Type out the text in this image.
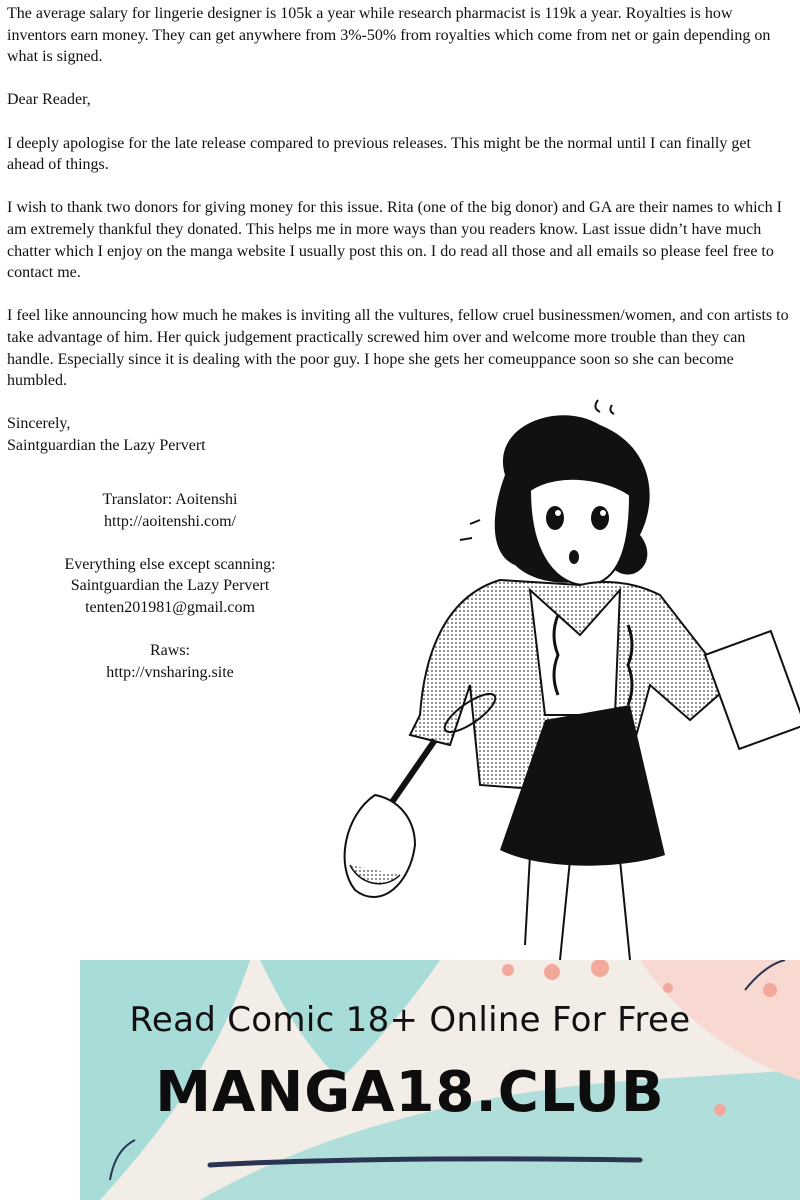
The average salary for lingerie designer is 105k a year while research pharmacist is 119k a year. Royalties is how inventors earn money. They can get anywhere from 3%-50% from royalties which come from net or gain depending on what is signed.

Dear Reader,

I deeply apologise for the late release compared to previous releases. This might be the normal until I can finally get ahead of things.

I wish to thank two donors for giving money for this issue. Rita (one of the big donor) and GA are their names to which I am extremely thankful they donated. This helps me in more ways than you readers know. Last issue didn’t have much chatter which I enjoy on the manga website I usually post this on. I do read all those and all emails so please feel free to contact me.

I feel like announcing how much he makes is inviting all the vultures, fellow cruel businessmen/women, and con artists to take advantage of him. Her quick judgement practically screwed him over and welcome more trouble than they can handle. Especially since it is dealing with the poor guy. I hope she gets her comeuppance soon so she can become humbled.

Sincerely,

Saintguardian the Lazy Pervert

Translator: Aoitenshi
http://aoitenshi.com/
Everything else except scanning:
Saintguardian the Lazy Pervert
tenten201981@gmail.com
Raws:
http://vnsharing.site
Read Comic 18+ Online For Free
MANGA18.CLUB
